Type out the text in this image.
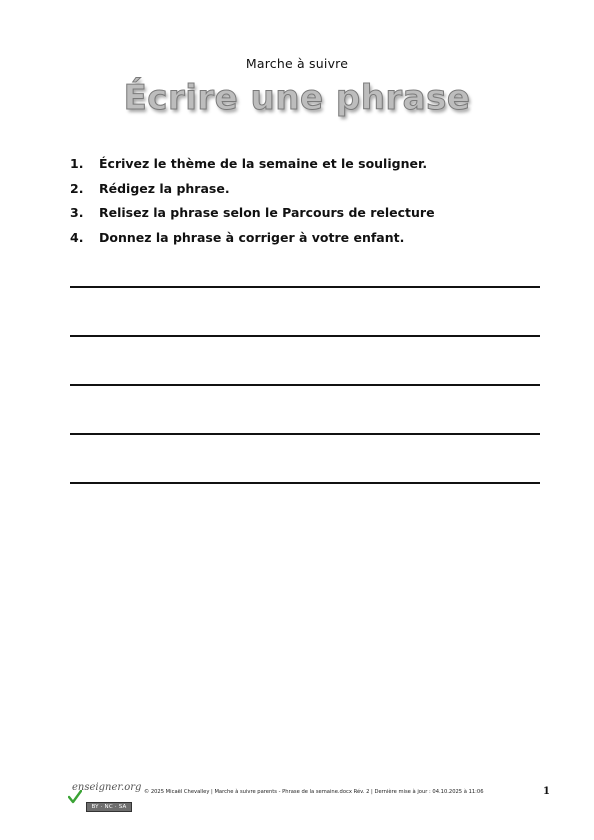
Marche à suivre
Écrire une phrase
1.	Écrivez le thème de la semaine et le souligner.
2.	Rédigez la phrase.
3.	Relisez la phrase selon le Parcours de relecture
4.	Donnez la phrase à corriger à votre enfant.
enseigner.org
BY · NC · SA
© 2025 Micaël Chevalley | Marche à suivre parents - Phrase de la semaine.docx Rév. 2 | Dernière mise à jour : 04.10.2025 à 11:06	1
